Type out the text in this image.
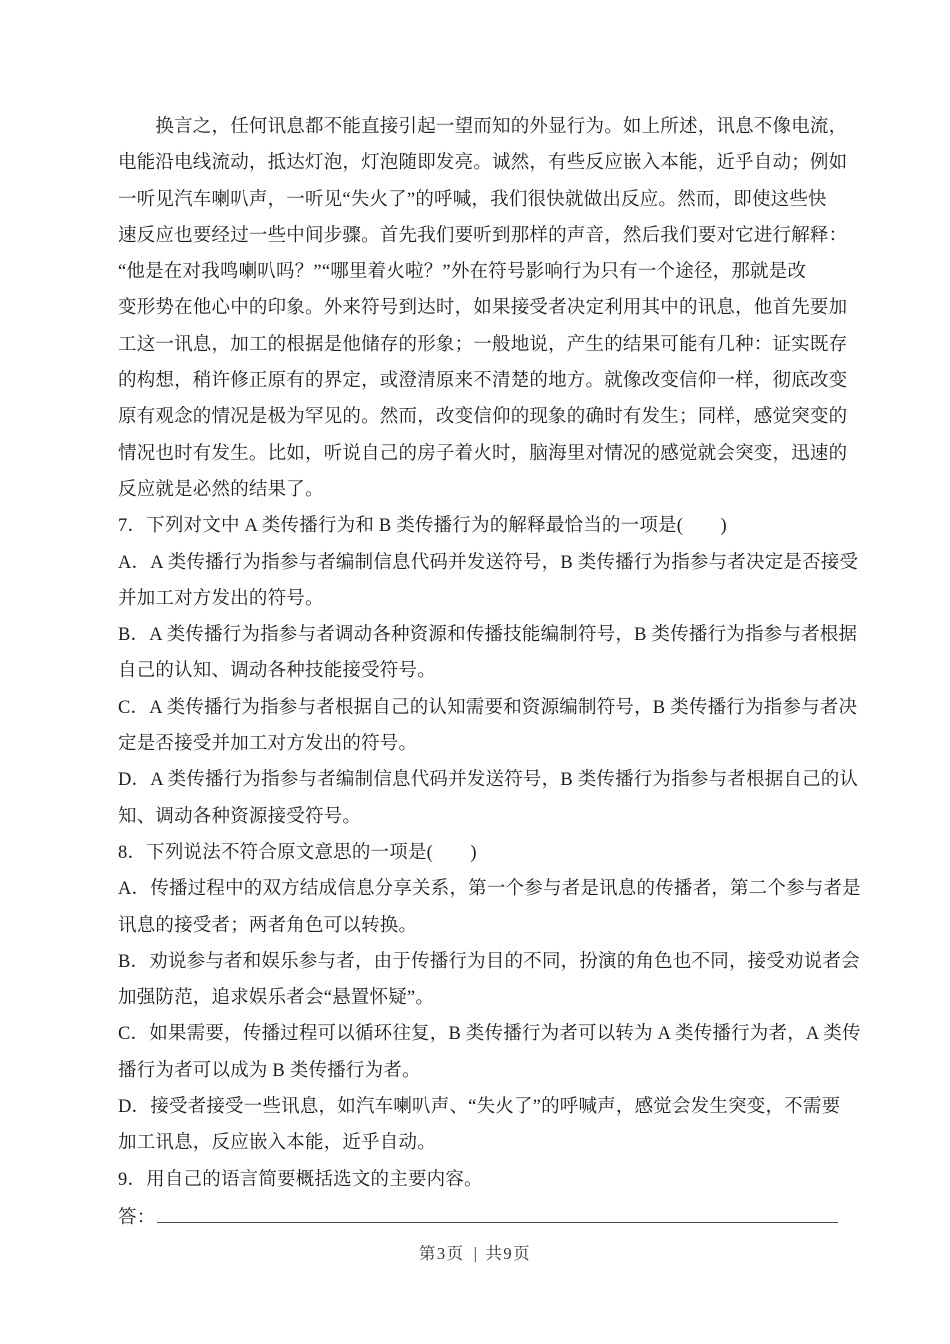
　　换言之，任何讯息都不能直接引起一望而知的外显行为。如上所述，讯息不像电流，
电能沿电线流动，抵达灯泡，灯泡随即发亮。诚然，有些反应嵌入本能，近乎自动；例如
一听见汽车喇叭声，一听见“失火了”的呼喊，我们很快就做出反应。然而，即使这些快
速反应也要经过一些中间步骤。首先我们要听到那样的声音，然后我们要对它进行解释：
“他是在对我鸣喇叭吗？”“哪里着火啦？”外在符号影响行为只有一个途径，那就是改
变形势在他心中的印象。外来符号到达时，如果接受者决定利用其中的讯息，他首先要加
工这一讯息，加工的根据是他储存的形象；一般地说，产生的结果可能有几种：证实既存
的构想，稍许修正原有的界定，或澄清原来不清楚的地方。就像改变信仰一样，彻底改变
原有观念的情况是极为罕见的。然而，改变信仰的现象的确时有发生；同样，感觉突变的
情况也时有发生。比如，听说自己的房子着火时，脑海里对情况的感觉就会突变，迅速的
反应就是必然的结果了。
7．下列对文中 A 类传播行为和 B 类传播行为的解释最恰当的一项是(　　)
A．A 类传播行为指参与者编制信息代码并发送符号，B 类传播行为指参与者决定是否接受
并加工对方发出的符号。
B．A 类传播行为指参与者调动各种资源和传播技能编制符号，B 类传播行为指参与者根据
自己的认知、调动各种技能接受符号。
C．A 类传播行为指参与者根据自己的认知需要和资源编制符号，B 类传播行为指参与者决
定是否接受并加工对方发出的符号。
D．A 类传播行为指参与者编制信息代码并发送符号，B 类传播行为指参与者根据自己的认
知、调动各种资源接受符号。
8．下列说法不符合原文意思的一项是(　　)
A．传播过程中的双方结成信息分享关系，第一个参与者是讯息的传播者，第二个参与者是
讯息的接受者；两者角色可以转换。
B．劝说参与者和娱乐参与者，由于传播行为目的不同，扮演的角色也不同，接受劝说者会
加强防范，追求娱乐者会“悬置怀疑”。
C．如果需要，传播过程可以循环往复，B 类传播行为者可以转为 A 类传播行为者，A 类传
播行为者可以成为 B 类传播行为者。
D．接受者接受一些讯息，如汽车喇叭声、“失火了”的呼喊声，感觉会发生突变，不需要
加工讯息，反应嵌入本能，近乎自动。
9．用自己的语言简要概括选文的主要内容。
答：
第3页 | 共9页
